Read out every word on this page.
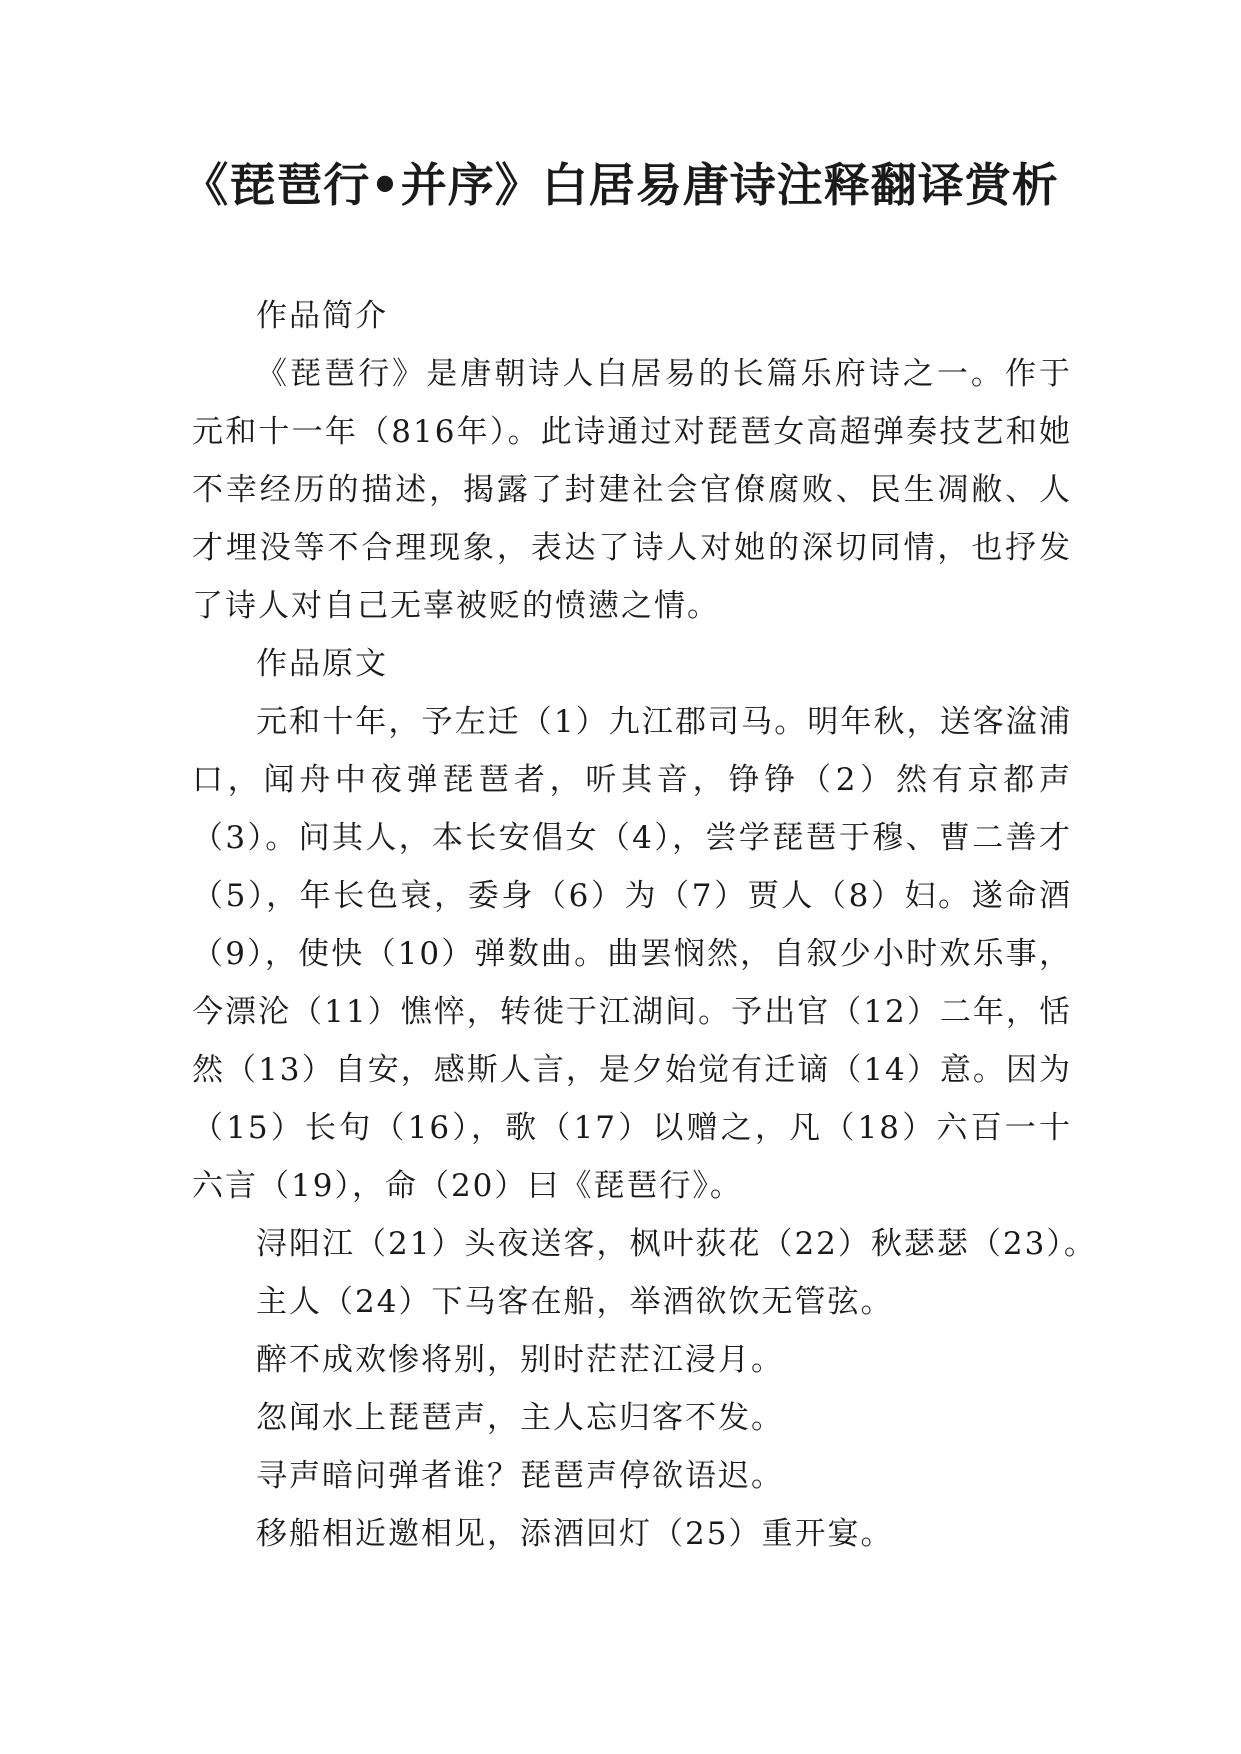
《琵琶行•并序》白居易唐诗注释翻译赏析

作品简介

《琵琶行》是唐朝诗人白居易的长篇乐府诗之一。作于元和十一年（816年）。此诗通过对琵琶女高超弹奏技艺和她不幸经历的描述，揭露了封建社会官僚腐败、民生凋敝、人才埋没等不合理现象，表达了诗人对她的深切同情，也抒发了诗人对自己无辜被贬的愤懑之情。

作品原文

元和十年，予左迁（1）九江郡司马。明年秋，送客湓浦口，闻舟中夜弹琵琶者，听其音，铮铮（2）然有京都声（3）。问其人，本长安倡女（4），尝学琵琶于穆、曹二善才（5），年长色衰，委身（6）为（7）贾人（8）妇。遂命酒（9），使快（10）弹数曲。曲罢悯然，自叙少小时欢乐事，今漂沦（11）憔悴，转徙于江湖间。予出官（12）二年，恬然（13）自安，感斯人言，是夕始觉有迁谪（14）意。因为（15）长句（16），歌（17）以赠之，凡（18）六百一十六言（19），命（20）曰《琵琶行》。

浔阳江（21）头夜送客，枫叶荻花（22）秋瑟瑟（23）。

主人（24）下马客在船，举酒欲饮无管弦。

醉不成欢惨将别，别时茫茫江浸月。

忽闻水上琵琶声，主人忘归客不发。

寻声暗问弹者谁？琵琶声停欲语迟。

移船相近邀相见，添酒回灯（25）重开宴。
